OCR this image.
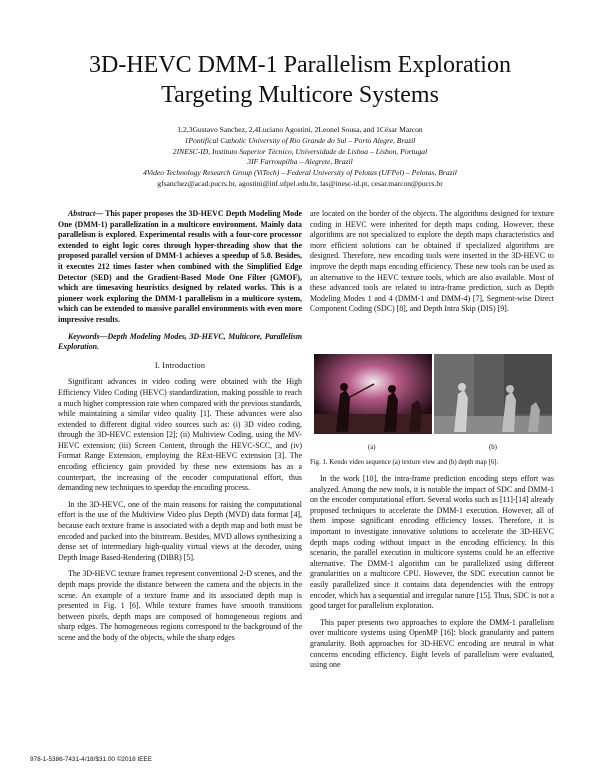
3D-HEVC DMM-1 Parallelism Exploration
Targeting Multicore Systems
1,2,3Gustavo Sanchez, 2,4Luciano Agostini, 2Leonel Sousa, and 1César Marcon
1Pontifical Catholic University of Rio Grande do Sul – Porto Alegre, Brazil
2INESC-ID, Instituto Superior Técnico, Universidade de Lisboa – Lisbon, Portugal
3IF Farroupilha – Alegrete, Brazil
4Video Technology Research Group (ViTech) – Federal University of Pelotas (UFPel) – Pelotas, Brazil
gfsanchez@acad.pucrs.br, agostini@inf.ufpel.edu.br, las@inesc-id.pt, cesar.marcon@pucrs.br

Abstract— This paper proposes the 3D-HEVC Depth Modeling Mode One (DMM-1) parallelization in a multicore environment. Mainly data parallelism is explored. Experimental results with a four-core processor extended to eight logic cores through hyper-threading show that the proposed parallel version of DMM-1 achieves a speedup of 5.8. Besides, it executes 212 times faster when combined with the Simplified Edge Detector (SED) and the Gradient-Based Mode One Filter (GMOF), which are timesaving heuristics designed by related works. This is a pioneer work exploring the DMM-1 parallelism in a multicore system, which can be extended to massive parallel environments with even more impressive results.

Keywords—Depth Modeling Modes, 3D-HEVC, Multicore, Parallelism Exploration.

I. Introduction

Significant advances in video coding were obtained with the High Efficiency Video Coding (HEVC) standardization, making possible to reach a much higher compression rate when compared with the previous standards, while maintaining a similar video quality [1]. These advances were also extended to different digital video sources such as: (i) 3D video coding, through the 3D-HEVC extension [2]; (ii) Multiview Coding, using the MV-HEVC extension; (iii) Screen Content, through the HEVC-SCC, and (iv) Format Range Extension, employing the RExt-HEVC extension [3]. The encoding efficiency gain provided by these new extensions has as a counterpart, the increasing of the encoder computational effort, thus demanding new techniques to speedup the encoding process.

In the 3D-HEVC, one of the main reasons for raising the computational effort is the use of the Multiview Video plus Depth (MVD) data format [4], because each texture frame is associated with a depth map and both must be encoded and packed into the bitstream. Besides, MVD allows synthesizing a dense set of intermediary high-quality virtual views at the decoder, using Depth Image Based-Rendering (DIBR) [5].

The 3D-HEVC texture frames represent conventional 2-D scenes, and the depth maps provide the distance between the camera and the objects in the scene. An example of a texture frame and its associated depth map is presented in Fig. 1 [6]. While texture frames have smooth transitions between pixels, depth maps are composed of homogeneous regions and sharp edges. The homogeneous regions correspond to the background of the scene and the body of the objects, while the sharp edges

are located on the border of the objects. The algorithms designed for texture coding in HEVC were inherited for depth maps coding. However, these algorithms are not specialized to explore the depth maps characteristics and more efficient solutions can be obtained if specialized algorithms are designed. Therefore, new encoding tools were inserted in the 3D-HEVC to improve the depth maps encoding efficiency. These new tools can be used as an alternative to the HEVC texture tools, which are also available. Most of these advanced tools are related to intra-frame prediction, such as Depth Modeling Modes 1 and 4 (DMM-1 and DMM-4) [7], Segment-wise Direct Component Coding (SDC) [8], and Depth Intra Skip (DIS) [9].

(a)	(b)
Fig. 1. Kendo video sequence (a) texture view and (b) depth map [6].

In the work [10], the intra-frame prediction encoding steps effort was analyzed. Among the new tools, it is notable the impact of SDC and DMM-1 on the encoder computational effort. Several works such as [11]-[14] already proposed techniques to accelerate the DMM-1 execution. However, all of them impose significant encoding efficiency losses. Therefore, it is important to investigate innovative solutions to accelerate the 3D-HEVC depth maps coding without impact in the encoding efficiency. In this scenario, the parallel execution in multicore systems could be an effective alternative. The DMM-1 algorithm can be parallelized using different granularities on a multicore CPU. However, the SDC execution cannot be easily parallelized since it contains data dependencies with the entropy encoder, which has a sequential and irregular nature [15]. Thus, SDC is not a good target for parallelism exploration.

This paper presents two approaches to explore the DMM-1 parallelism over multicore systems using OpenMP [16]: block granularity and pattern granularity. Both approaches for 3D-HEVC encoding are neutral in what concerns encoding efficiency. Eight levels of parallelism were evaluated, using one

978-1-5386-7431-4/18/$31.00 ©2018 IEEE
